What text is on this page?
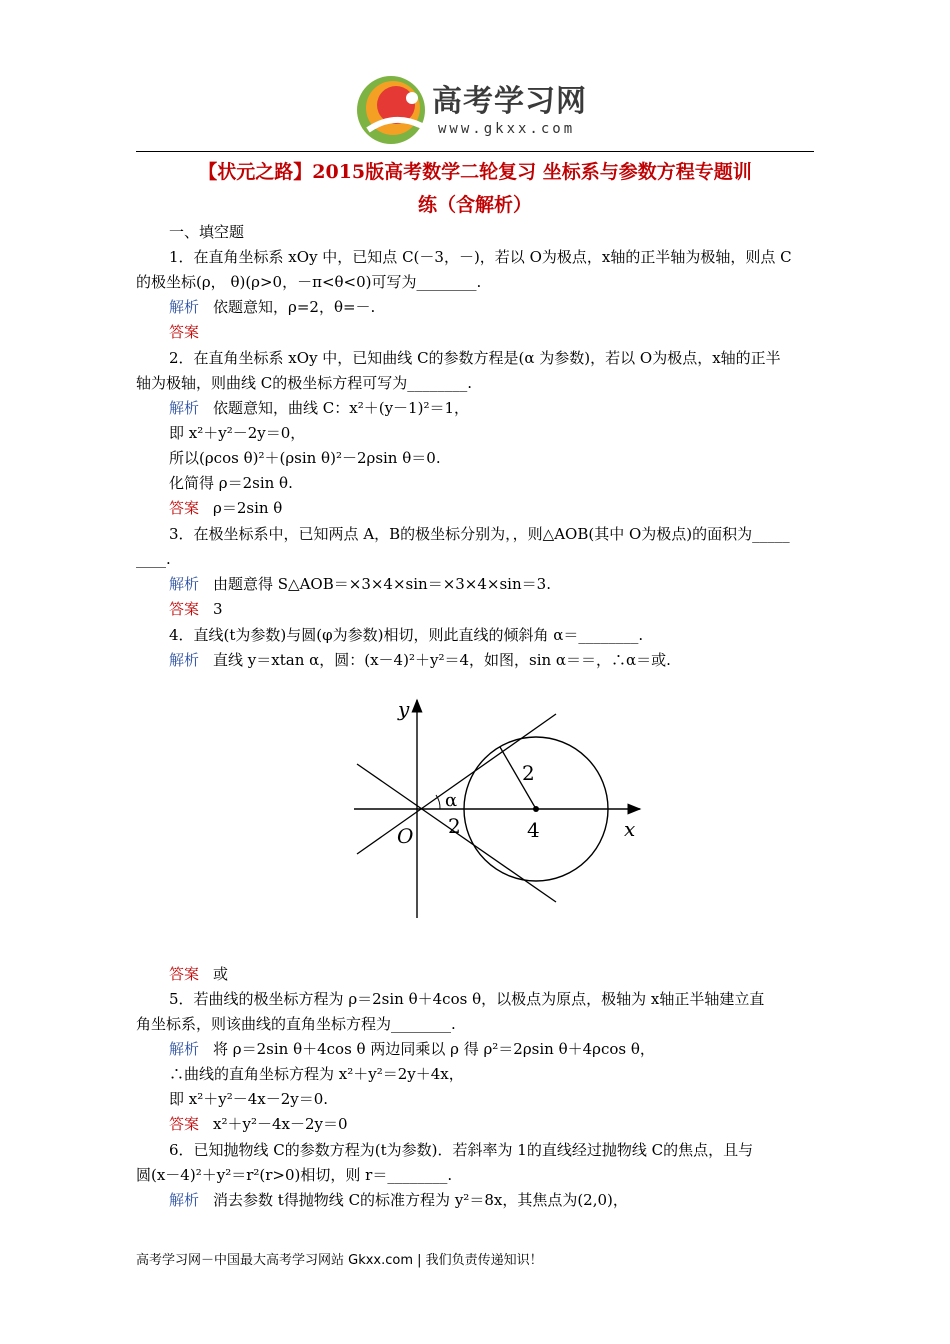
高考学习网
www.gkxx.com
【状元之路】2015版高考数学二轮复习 坐标系与参数方程专题训
练（含解析）
一、填空题
1．在直角坐标系 xOy 中，已知点 C(－3，－)，若以 O为极点，x轴的正半轴为极轴，则点 C
的极坐标(ρ， θ)(ρ>0，－π<θ<0)可写为________.
解析 依题意知，ρ=2，θ=－.
答案
2．在直角坐标系 xOy 中，已知曲线 C的参数方程是(α 为参数)，若以 O为极点，x轴的正半
轴为极轴，则曲线 C的极坐标方程可写为________.
解析 依题意知，曲线 C：x²＋(y－1)²＝1，
即 x²＋y²－2y＝0，
所以(ρcos θ)²＋(ρsin θ)²－2ρsin θ＝0.
化简得 ρ＝2sin θ.
答案 ρ＝2sin θ
3．在极坐标系中，已知两点 A，B的极坐标分别为，，则△AOB(其中 O为极点)的面积为_____
____.
解析 由题意得 S△AOB＝×3×4×sin＝×3×4×sin＝3.
答案 3
4．直线(t为参数)与圆(φ为参数)相切，则此直线的倾斜角 α＝________.
解析 直线 y＝xtan α，圆：(x－4)²＋y²＝4，如图，sin α＝＝，∴α＝或.
y
x
O
α
2
2	4
答案 或
5．若曲线的极坐标方程为 ρ＝2sin θ＋4cos θ，以极点为原点，极轴为 x轴正半轴建立直
角坐标系，则该曲线的直角坐标方程为________.
解析 将 ρ＝2sin θ＋4cos θ 两边同乘以 ρ 得 ρ²＝2ρsin θ＋4ρcos θ，
∴曲线的直角坐标方程为 x²＋y²＝2y＋4x，
即 x²＋y²－4x－2y＝0.
答案 x²＋y²－4x－2y＝0
6．已知抛物线 C的参数方程为(t为参数)．若斜率为 1的直线经过抛物线 C的焦点，且与
圆(x－4)²＋y²＝r²(r>0)相切，则 r＝________.
解析 消去参数 t得抛物线 C的标准方程为 y²＝8x，其焦点为(2,0)，
高考学习网－中国最大高考学习网站 Gkxx.com | 我们负责传递知识！
